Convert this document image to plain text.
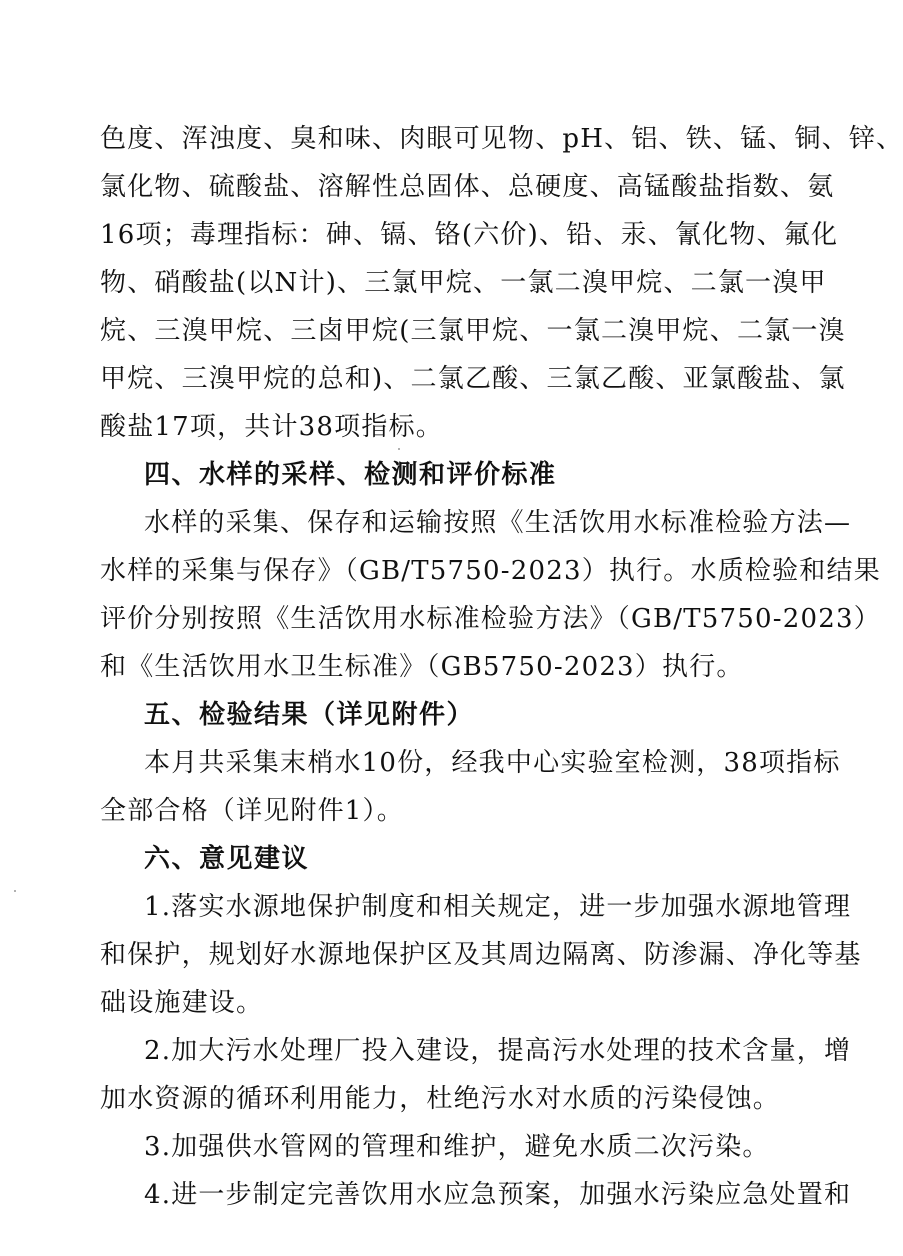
色度、浑浊度、臭和味、肉眼可见物、pH、铝、铁、锰、铜、锌、
氯化物、硫酸盐、溶解性总固体、总硬度、高锰酸盐指数、氨
16项；毒理指标：砷、镉、铬(六价)、铅、汞、氰化物、氟化
物、硝酸盐(以N计)、三氯甲烷、一氯二溴甲烷、二氯一溴甲
烷、三溴甲烷、三卤甲烷(三氯甲烷、一氯二溴甲烷、二氯一溴
甲烷、三溴甲烷的总和)、二氯乙酸、三氯乙酸、亚氯酸盐、氯
酸盐17项，共计38项指标。
四、水样的采样、检测和评价标准
水样的采集、保存和运输按照《生活饮用水标准检验方法—
水样的采集与保存》（GB/T5750-2023）执行。水质检验和结果
评价分别按照《生活饮用水标准检验方法》（GB/T5750-2023）
和《生活饮用水卫生标准》（GB5750-2023）执行。
五、检验结果（详见附件）
本月共采集末梢水10份，经我中心实验室检测，38项指标
全部合格（详见附件1）。
六、意见建议
1.落实水源地保护制度和相关规定，进一步加强水源地管理
和保护，规划好水源地保护区及其周边隔离、防渗漏、净化等基
础设施建设。
2.加大污水处理厂投入建设，提高污水处理的技术含量，增
加水资源的循环利用能力，杜绝污水对水质的污染侵蚀。
3.加强供水管网的管理和维护，避免水质二次污染。
4.进一步制定完善饮用水应急预案，加强水污染应急处置和
